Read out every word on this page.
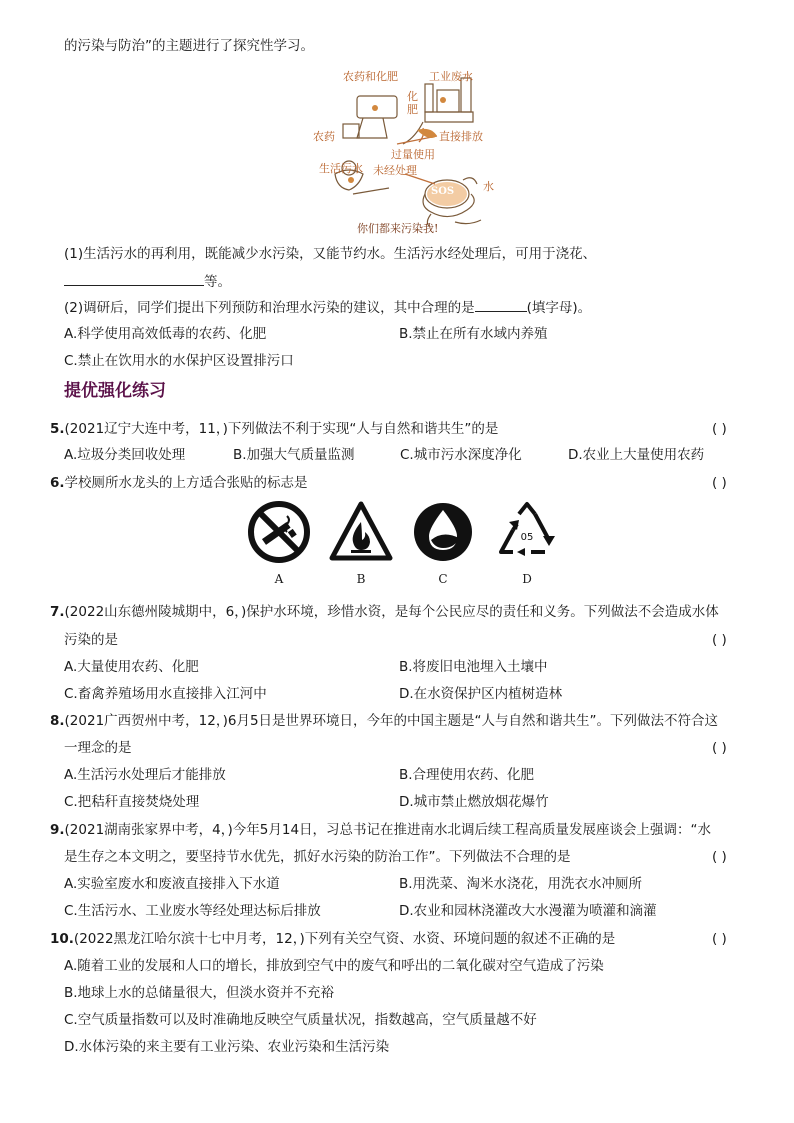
的污染与防治”的主题进行了探究性学习。
农药和化肥	工业废水
化肥
农药	直接排放
过量使用
生活污水 未经处理
水
SOS
你们都来污染我!
(1)生活污水的再利用，既能减少水污染，又能节约水。生活污水经处理后，可用于浇花、
等。
(2)调研后，同学们提出下列预防和治理水污染的建议，其中合理的是	(填字母)。
A.科学使用高效低毒的农药、化肥	B.禁止在所有水域内养殖
C.禁止在饮用水的水保护区设置排污口
提优强化练习
5.(2021辽宁大连中考，11，)下列做法不利于实现“人与自然和谐共生”的是	( )
A.垃圾分类回收处理	B.加强大气质量监测	C.城市污水深度净化	D.农业上大量使用农药
6.学校厕所水龙头的上方适合张贴的标志是	( )
A	B	C
05
D
7.(2022山东德州陵城期中，6，)保护水环境，珍惜水资，是每个公民应尽的责任和义务。下列做法不会造成水体
污染的是	( )
A.大量使用农药、化肥	B.将废旧电池埋入土壤中
C.畜禽养殖场用水直接排入江河中	D.在水资保护区内植树造林
8.(2021广西贺州中考，12，)6月5日是世界环境日，今年的中国主题是“人与自然和谐共生”。下列做法不符合这
一理念的是	( )
A.生活污水处理后才能排放	B.合理使用农药、化肥
C.把秸秆直接焚烧处理	D.城市禁止燃放烟花爆竹
9.(2021湖南张家界中考，4，)今年5月14日，习总书记在推进南水北调后续工程高质量发展座谈会上强调：“水
是生存之本文明之，要坚持节水优先，抓好水污染的防治工作”。下列做法不合理的是	( )
A.实验室废水和废液直接排入下水道	B.用洗菜、淘米水浇花，用洗衣水冲厕所
C.生活污水、工业废水等经处理达标后排放	D.农业和园林浇灌改大水漫灌为喷灌和滴灌
10.(2022黑龙江哈尔滨十七中月考，12，)下列有关空气资、水资、环境问题的叙述不正确的是	( )
A.随着工业的发展和人口的增长，排放到空气中的废气和呼出的二氧化碳对空气造成了污染
B.地球上水的总储量很大，但淡水资并不充裕
C.空气质量指数可以及时准确地反映空气质量状况，指数越高，空气质量越不好
D.水体污染的来主要有工业污染、农业污染和生活污染
